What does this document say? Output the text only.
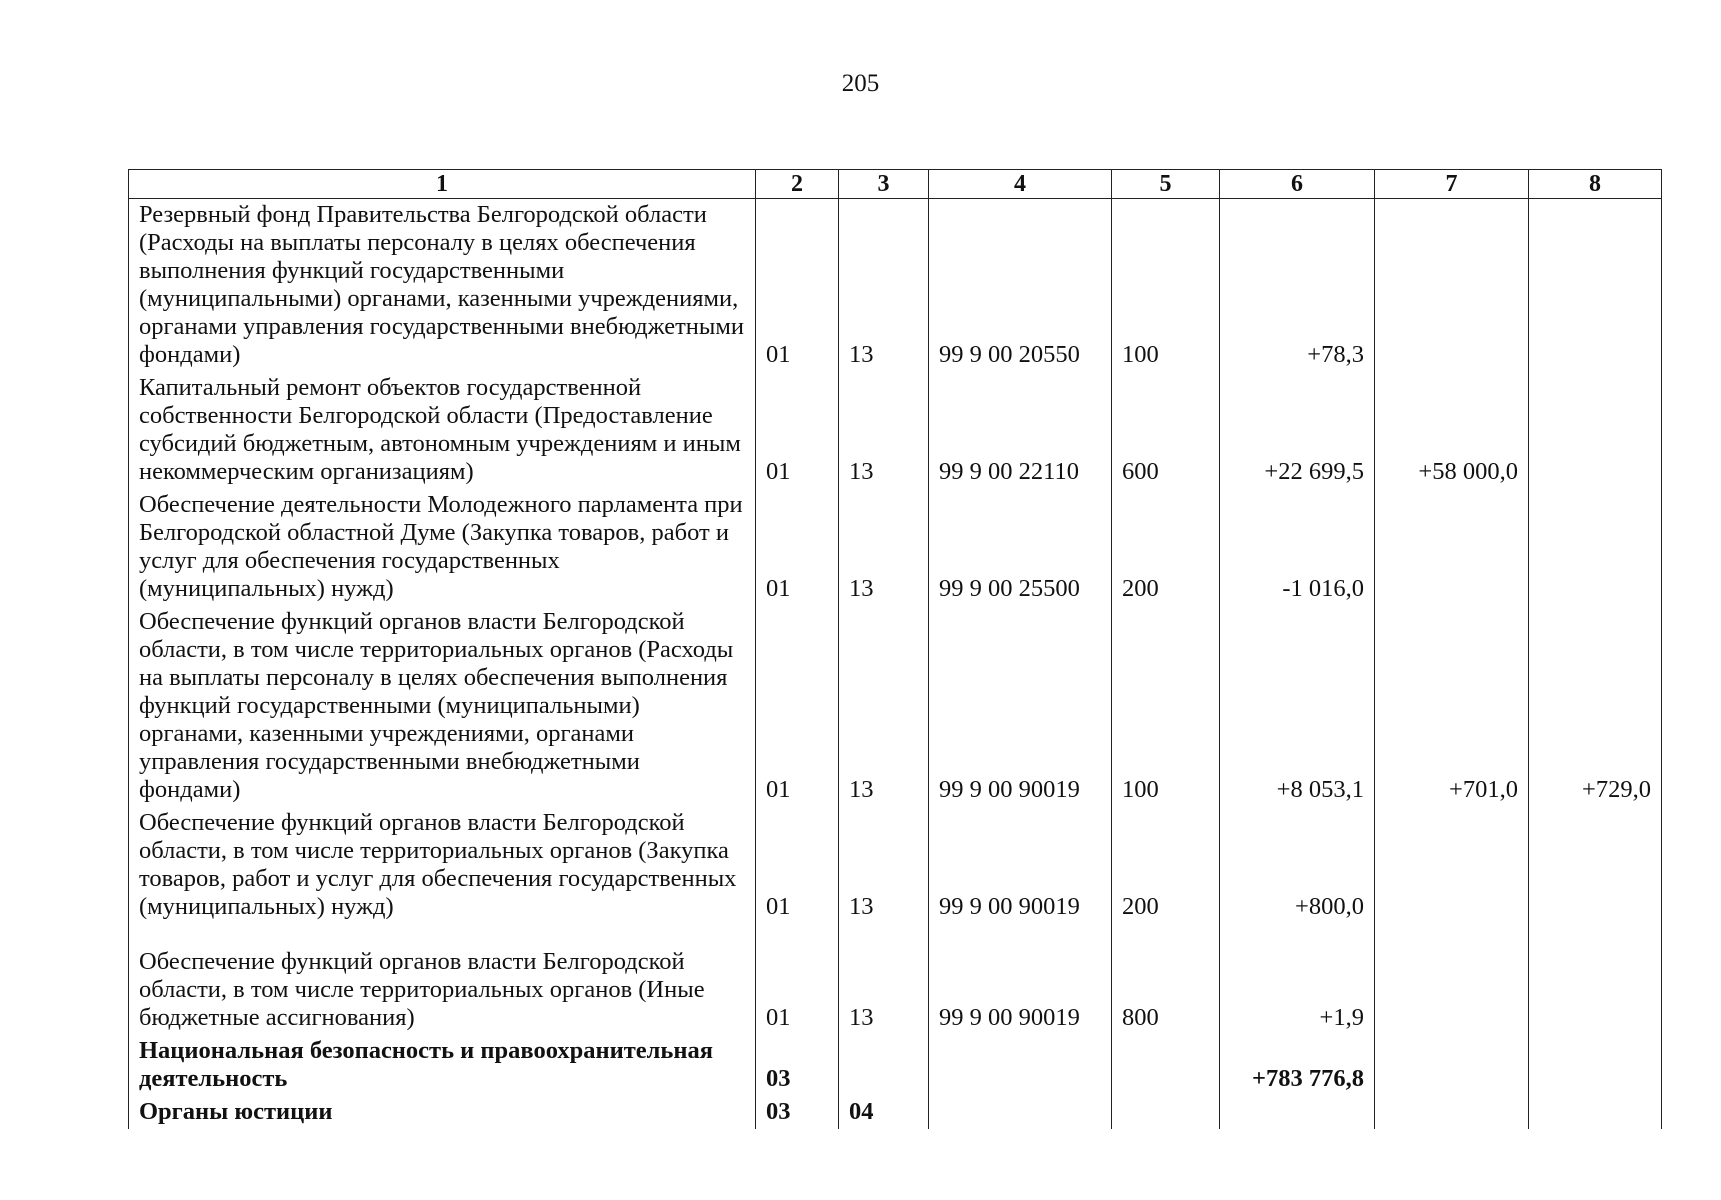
205
1	2	3	4	5	6	7	8
Резервный фонд Правительства Белгородской области (Расходы на выплаты персоналу в целях обеспечения выполнения функций государственными (муниципальными) органами, казенными учреждениями, органами управления государственными внебюджетными фондами)	01	13	99 9 00 20550	100	+78,3		
Капитальный ремонт объектов государственной собственности Белгородской области (Предоставление субсидий бюджетным, автономным учреждениям и иным некоммерческим организациям)	01	13	99 9 00 22110	600	+22 699,5	+58 000,0	
Обеспечение деятельности Молодежного парламента при Белгородской областной Думе (Закупка товаров, работ и услуг для обеспечения государственных (муниципальных) нужд)	01	13	99 9 00 25500	200	-1 016,0		
Обеспечение функций органов власти Белгородской области, в том числе территориальных органов (Расходы на выплаты персоналу в целях обеспечения выполнения функций государственными (муниципальными) органами, казенными учреждениями, органами управления государственными внебюджетными фондами)	01	13	99 9 00 90019	100	+8 053,1	+701,0	+729,0
Обеспечение функций органов власти Белгородской области, в том числе территориальных органов (Закупка товаров, работ и услуг для обеспечения государственных (муниципальных) нужд)	01	13	99 9 00 90019	200	+800,0		
Обеспечение функций органов власти Белгородской области, в том числе территориальных органов (Иные бюджетные ассигнования)	01	13	99 9 00 90019	800	+1,9		
Национальная безопасность и правоохранительная деятельность	03				+783 776,8		
Органы юстиции	03	04					
